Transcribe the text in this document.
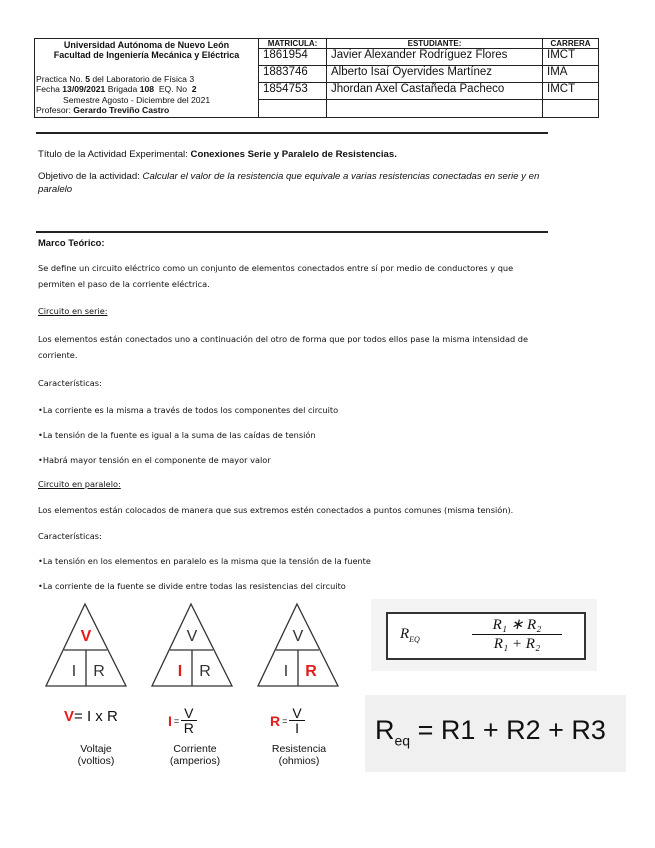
Universidad Autónoma de Nuevo León
Facultad de Ingeniería Mecánica y Eléctrica
Practica No. 5 del Laboratorio de Física 3
Fecha 13/09/2021 Brigada 108 EQ. No 2
Semestre Agosto - Diciembre del 2021
Profesor: Gerardo Treviño Castro
MATRICULA:	ESTUDIANTE:	CARRERA
1861954	Javier Alexander Rodríguez Flores	IMCT
1883746	Alberto Isaí Oyervides Martínez	IMA
1854753	Jhordan Axel Castañeda Pacheco	IMCT
Título de la Actividad Experimental: Conexiones Serie y Paralelo de Resistencias.
Objetivo de la actividad: Calcular el valor de la resistencia que equivale a varias resistencias conectadas en serie y en
paralelo
Marco Teórico:
Se define un circuito eléctrico como un conjunto de elementos conectados entre sí por medio de conductores y que
permiten el paso de la corriente eléctrica.
Circuito en serie:
Los elementos están conectados uno a continuación del otro de forma que por todos ellos pase la misma intensidad de
corriente.
Características:
•La corriente es la misma a través de todos los componentes del circuito
•La tensión de la fuente es igual a la suma de las caídas de tensión
•Habrá mayor tensión en el componente de mayor valor
Circuito en paralelo:
Los elementos están colocados de manera que sus extremos estén conectados a puntos comunes (misma tensión).
Características:
•La tensión en los elementos en paralelo es la misma que la tensión de la fuente
•La corriente de la fuente se divide entre todas las resistencias del circuito
V
I R
V
I R
V
I R
V= I x R	$I = \frac{V}{R}$	$R = \frac{V}{I}$
Voltaje
(voltios)
Corriente
(amperios)
Resistencia
(ohmios)
$R_{EQ}$	$\frac{\text{R₁ ∗ R₂}}{\text{R₁ + R₂}}$
$R_{eq} = R1 + R2 + R3$
